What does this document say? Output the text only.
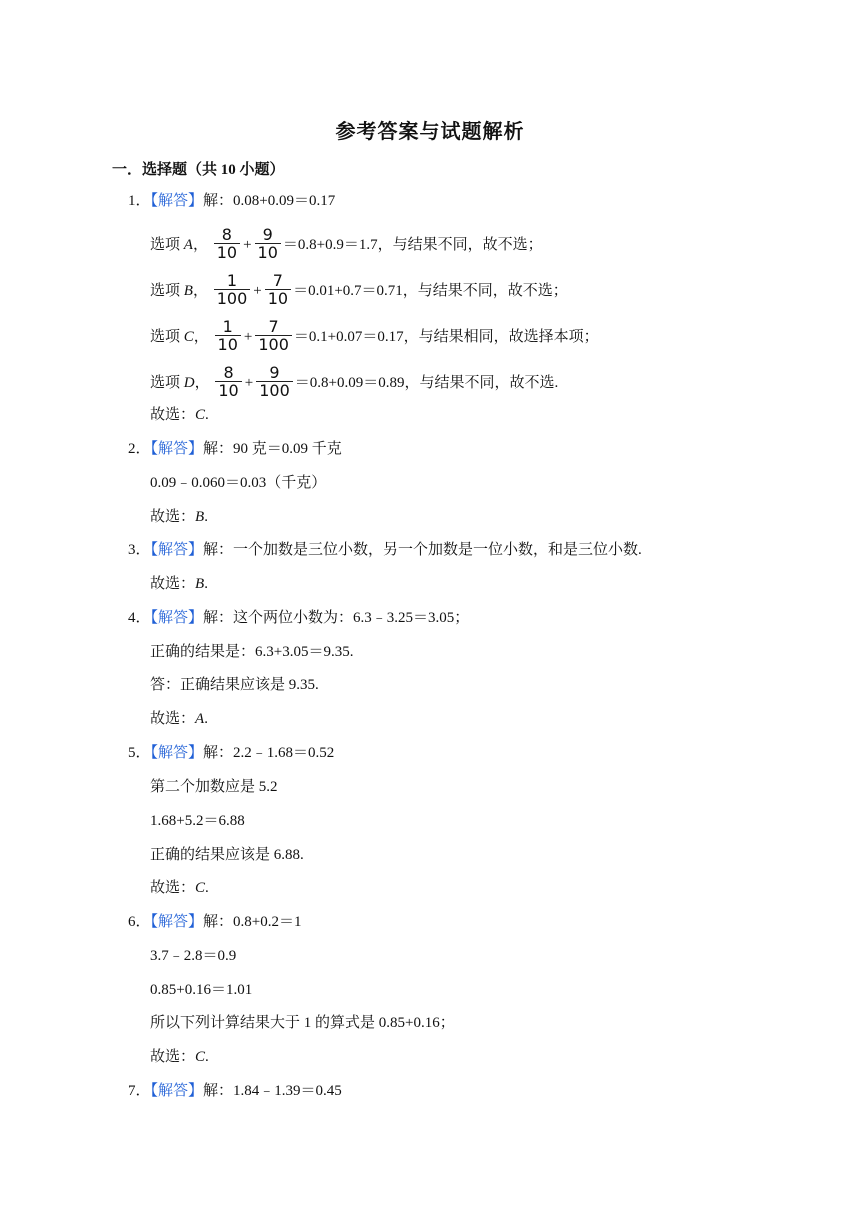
参考答案与试题解析
一．选择题（共 10 小题）
1．【解答】解：0.08+0.09＝0.17
选项 A， $\frac{8}{10} + \frac{9}{10} =0.8+0.9=1.7$，与结果不同，故不选；
选项 B， $\frac{1}{100} + \frac{7}{10} =0.01+0.7=0.71$，与结果不同，故不选；
选项 C， $\frac{1}{10} + \frac{7}{100} =0.1+0.07=0.17$，与结果相同，故选择本项；
选项 D， $\frac{8}{10} + \frac{9}{100} =0.8+0.09=0.89$，与结果不同，故不选.
故选：C.
2．【解答】解：90 克＝0.09 千克
0.09﹣0.060＝0.03（千克）
故选：B.
3．【解答】解：一个加数是三位小数，另一个加数是一位小数，和是三位小数.
故选：B.
4．【解答】解：这个两位小数为：6.3﹣3.25＝3.05；
正确的结果是：6.3+3.05＝9.35.
答：正确结果应该是 9.35.
故选：A.
5．【解答】解：2.2﹣1.68＝0.52
第二个加数应是 5.2
1.68+5.2＝6.88
正确的结果应该是 6.88.
故选：C.
6．【解答】解：0.8+0.2＝1
3.7﹣2.8＝0.9
0.85+0.16＝1.01
所以下列计算结果大于 1 的算式是 0.85+0.16；
故选：C.
7．【解答】解：1.84﹣1.39＝0.45
